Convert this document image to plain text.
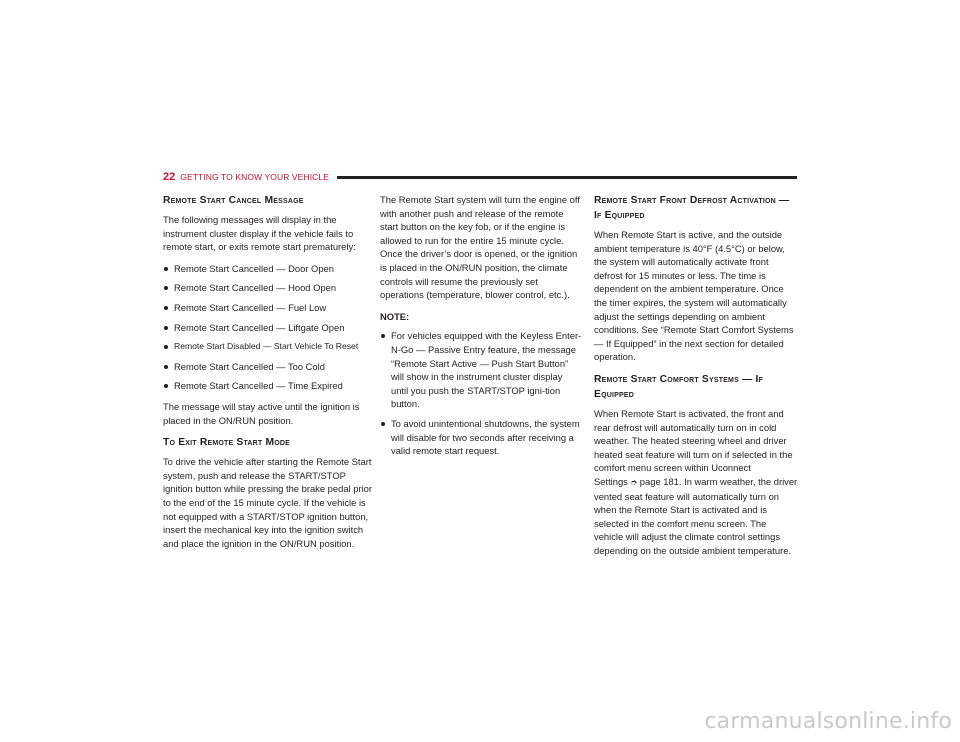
22 GETTING TO KNOW YOUR VEHICLE
Remote Start Cancel Message

The following messages will display in the instrument cluster display if the vehicle fails to remote start, or exits remote start prematurely:

Remote Start Cancelled — Door Open
Remote Start Cancelled — Hood Open
Remote Start Cancelled — Fuel Low
Remote Start Cancelled — Liftgate Open
Remote Start Disabled — Start Vehicle To Reset
Remote Start Cancelled — Too Cold
Remote Start Cancelled — Time Expired

The message will stay active until the ignition is placed in the ON/RUN position.

To Exit Remote Start Mode

To drive the vehicle after starting the Remote Start system, push and release the START/STOP ignition button while pressing the brake pedal prior to the end of the 15 minute cycle. If the vehicle is not equipped with a START/STOP ignition button, insert the mechanical key into the ignition switch and place the ignition in the ON/RUN position.

The Remote Start system will turn the engine off with another push and release of the remote start button on the key fob, or if the engine is allowed to run for the entire 15 minute cycle. Once the driver’s door is opened, or the ignition is placed in the ON/RUN position, the climate controls will resume the previously set operations (temperature, blower control, etc.).

NOTE:

For vehicles equipped with the Keyless Enter-N-Go — Passive Entry feature, the message “Remote Start Active — Push Start Button” will show in the instrument cluster display until you push the START/STOP igni-tion button.
To avoid unintentional shutdowns, the system will disable for two seconds after receiving a valid remote start request.
Remote Start Front Defrost Activation — If Equipped

When Remote Start is active, and the outside ambient temperature is 40°F (4.5°C) or below, the system will automatically activate front defrost for 15 minutes or less. The time is dependent on the ambient temperature. Once the timer expires, the system will automatically adjust the settings depending on ambient conditions. See “Remote Start Comfort Systems — If Equipped” in the next section for detailed operation.

Remote Start Comfort Systems — If Equipped

When Remote Start is activated, the front and rear defrost will automatically turn on in cold weather. The heated steering wheel and driver heated seat feature will turn on if selected in the comfort menu screen within Uconnect Settings ➮ page 181. In warm weather, the driver vented seat feature will automatically turn on when the Remote Start is activated and is selected in the comfort menu screen. The vehicle will adjust the climate control settings depending on the outside ambient temperature.

carmanualsonline.info
